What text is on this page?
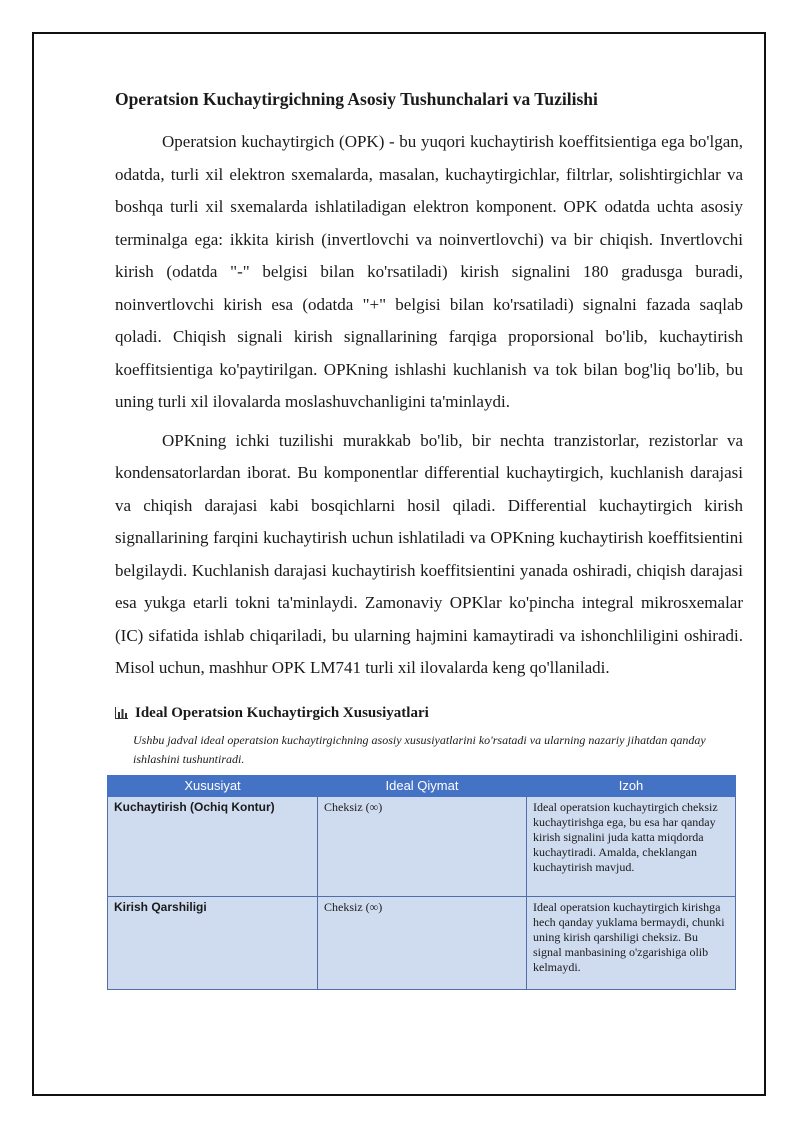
Operatsion Kuchaytirgichning Asosiy Tushunchalari va Tuzilishi

Operatsion kuchaytirgich (OPK) - bu yuqori kuchaytirish koeffitsientiga ega bo'lgan, odatda, turli xil elektron sxemalarda, masalan, kuchaytirgichlar, filtrlar, solishtirgichlar va boshqa turli xil sxemalarda ishlatiladigan elektron komponent. OPK odatda uchta asosiy terminalga ega: ikkita kirish (invertlovchi va noinvertlovchi) va bir chiqish. Invertlovchi kirish (odatda "-" belgisi bilan ko'rsatiladi) kirish signalini 180 gradusga buradi, noinvertlovchi kirish esa (odatda "+" belgisi bilan ko'rsatiladi) signalni fazada saqlab qoladi. Chiqish signali kirish signallarining farqiga proporsional bo'lib, kuchaytirish koeffitsientiga ko'paytirilgan. OPKning ishlashi kuchlanish va tok bilan bog'liq bo'lib, bu uning turli xil ilovalarda moslashuvchanligini ta'minlaydi.

OPKning ichki tuzilishi murakkab bo'lib, bir nechta tranzistorlar, rezistorlar va kondensatorlardan iborat. Bu komponentlar differential kuchaytirgich, kuchlanish darajasi va chiqish darajasi kabi bosqichlarni hosil qiladi. Differential kuchaytirgich kirish signallarining farqini kuchaytirish uchun ishlatiladi va OPKning kuchaytirish koeffitsientini belgilaydi. Kuchlanish darajasi kuchaytirish koeffitsientini yanada oshiradi, chiqish darajasi esa yukga etarli tokni ta'minlaydi. Zamonaviy OPKlar ko'pincha integral mikrosxemalar (IC) sifatida ishlab chiqariladi, bu ularning hajmini kamaytiradi va ishonchliligini oshiradi. Misol uchun, mashhur OPK LM741 turli xil ilovalarda keng qo'llaniladi.

Ideal Operatsion Kuchaytirgich Xususiyatlari
Ushbu jadval ideal operatsion kuchaytirgichning asosiy xususiyatlarini ko'rsatadi va ularning nazariy jihatdan qanday ishlashini tushuntiradi.
Xususiyat	Ideal Qiymat	Izoh
Kuchaytirish (Ochiq Kontur)	Cheksiz (∞)	Ideal operatsion kuchaytirgich cheksiz kuchaytirishga ega, bu esa har qanday kirish signalini juda katta miqdorda kuchaytiradi. Amalda, cheklangan kuchaytirish mavjud.
Kirish Qarshiligi	Cheksiz (∞)	Ideal operatsion kuchaytirgich kirishga hech qanday yuklama bermaydi, chunki uning kirish qarshiligi cheksiz. Bu signal manbasining o'zgarishiga olib kelmaydi.
